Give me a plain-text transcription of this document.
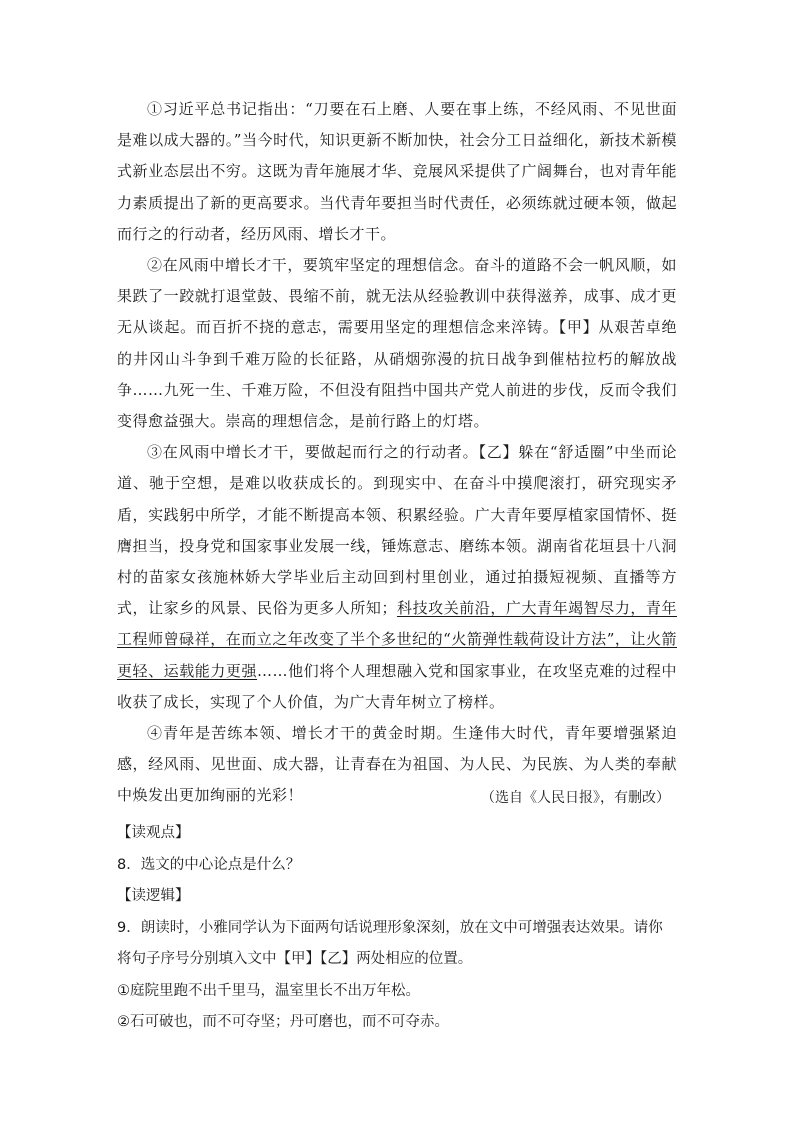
①习近平总书记指出：“刀要在石上磨、人要在事上练，不经风雨、不见世面是难以成大器的。”当今时代，知识更新不断加快，社会分工日益细化，新技术新模式新业态层出不穷。这既为青年施展才华、竞展风采提供了广阔舞台，也对青年能力素质提出了新的更高要求。当代青年要担当时代责任，必须练就过硬本领，做起而行之的行动者，经历风雨、增长才干。

②在风雨中增长才干，要筑牢坚定的理想信念。奋斗的道路不会一帆风顺，如果跌了一跤就打退堂鼓、畏缩不前，就无法从经验教训中获得滋养，成事、成才更无从谈起。而百折不挠的意志，需要用坚定的理想信念来淬铸。【甲】从艰苦卓绝的井冈山斗争到千难万险的长征路，从硝烟弥漫的抗日战争到催枯拉朽的解放战争……九死一生、千难万险，不但没有阻挡中国共产党人前进的步伐，反而令我们变得愈益强大。崇高的理想信念，是前行路上的灯塔。

③在风雨中增长才干，要做起而行之的行动者。【乙】躲在“舒适圈”中坐而论道、驰于空想，是难以收获成长的。到现实中、在奋斗中摸爬滚打，研究现实矛盾，实践躬中所学，才能不断提高本领、积累经验。广大青年要厚植家国情怀、挺膺担当，投身党和国家事业发展一线，锤炼意志、磨练本领。湖南省花垣县十八洞村的苗家女孩施林娇大学毕业后主动回到村里创业，通过拍摄短视频、直播等方式，让家乡的风景、民俗为更多人所知；科技攻关前沿，广大青年竭智尽力，青年工程师曾碌祥，在而立之年改变了半个多世纪的“火箭弹性载荷设计方法”，让火箭更轻、运载能力更强……他们将个人理想融入党和国家事业，在攻坚克难的过程中收获了成长，实现了个人价值，为广大青年树立了榜样。

④青年是苦练本领、增长才干的黄金时期。生逢伟大时代，青年要增强紧迫感，经风雨、见世面、成大器，让青春在为祖国、为人民、为民族、为人类的奉献中焕发出更加绚丽的光彩！	（选自《人民日报》，有删改）

【读观点】

8．选文的中心论点是什么？

【读逻辑】

9．朗读时，小雅同学认为下面两句话说理形象深刻，放在文中可增强表达效果。请你将句子序号分别填入文中【甲】【乙】两处相应的位置。

①庭院里跑不出千里马，温室里长不出万年松。

②石可破也，而不可夺坚；丹可磨也，而不可夺赤。
